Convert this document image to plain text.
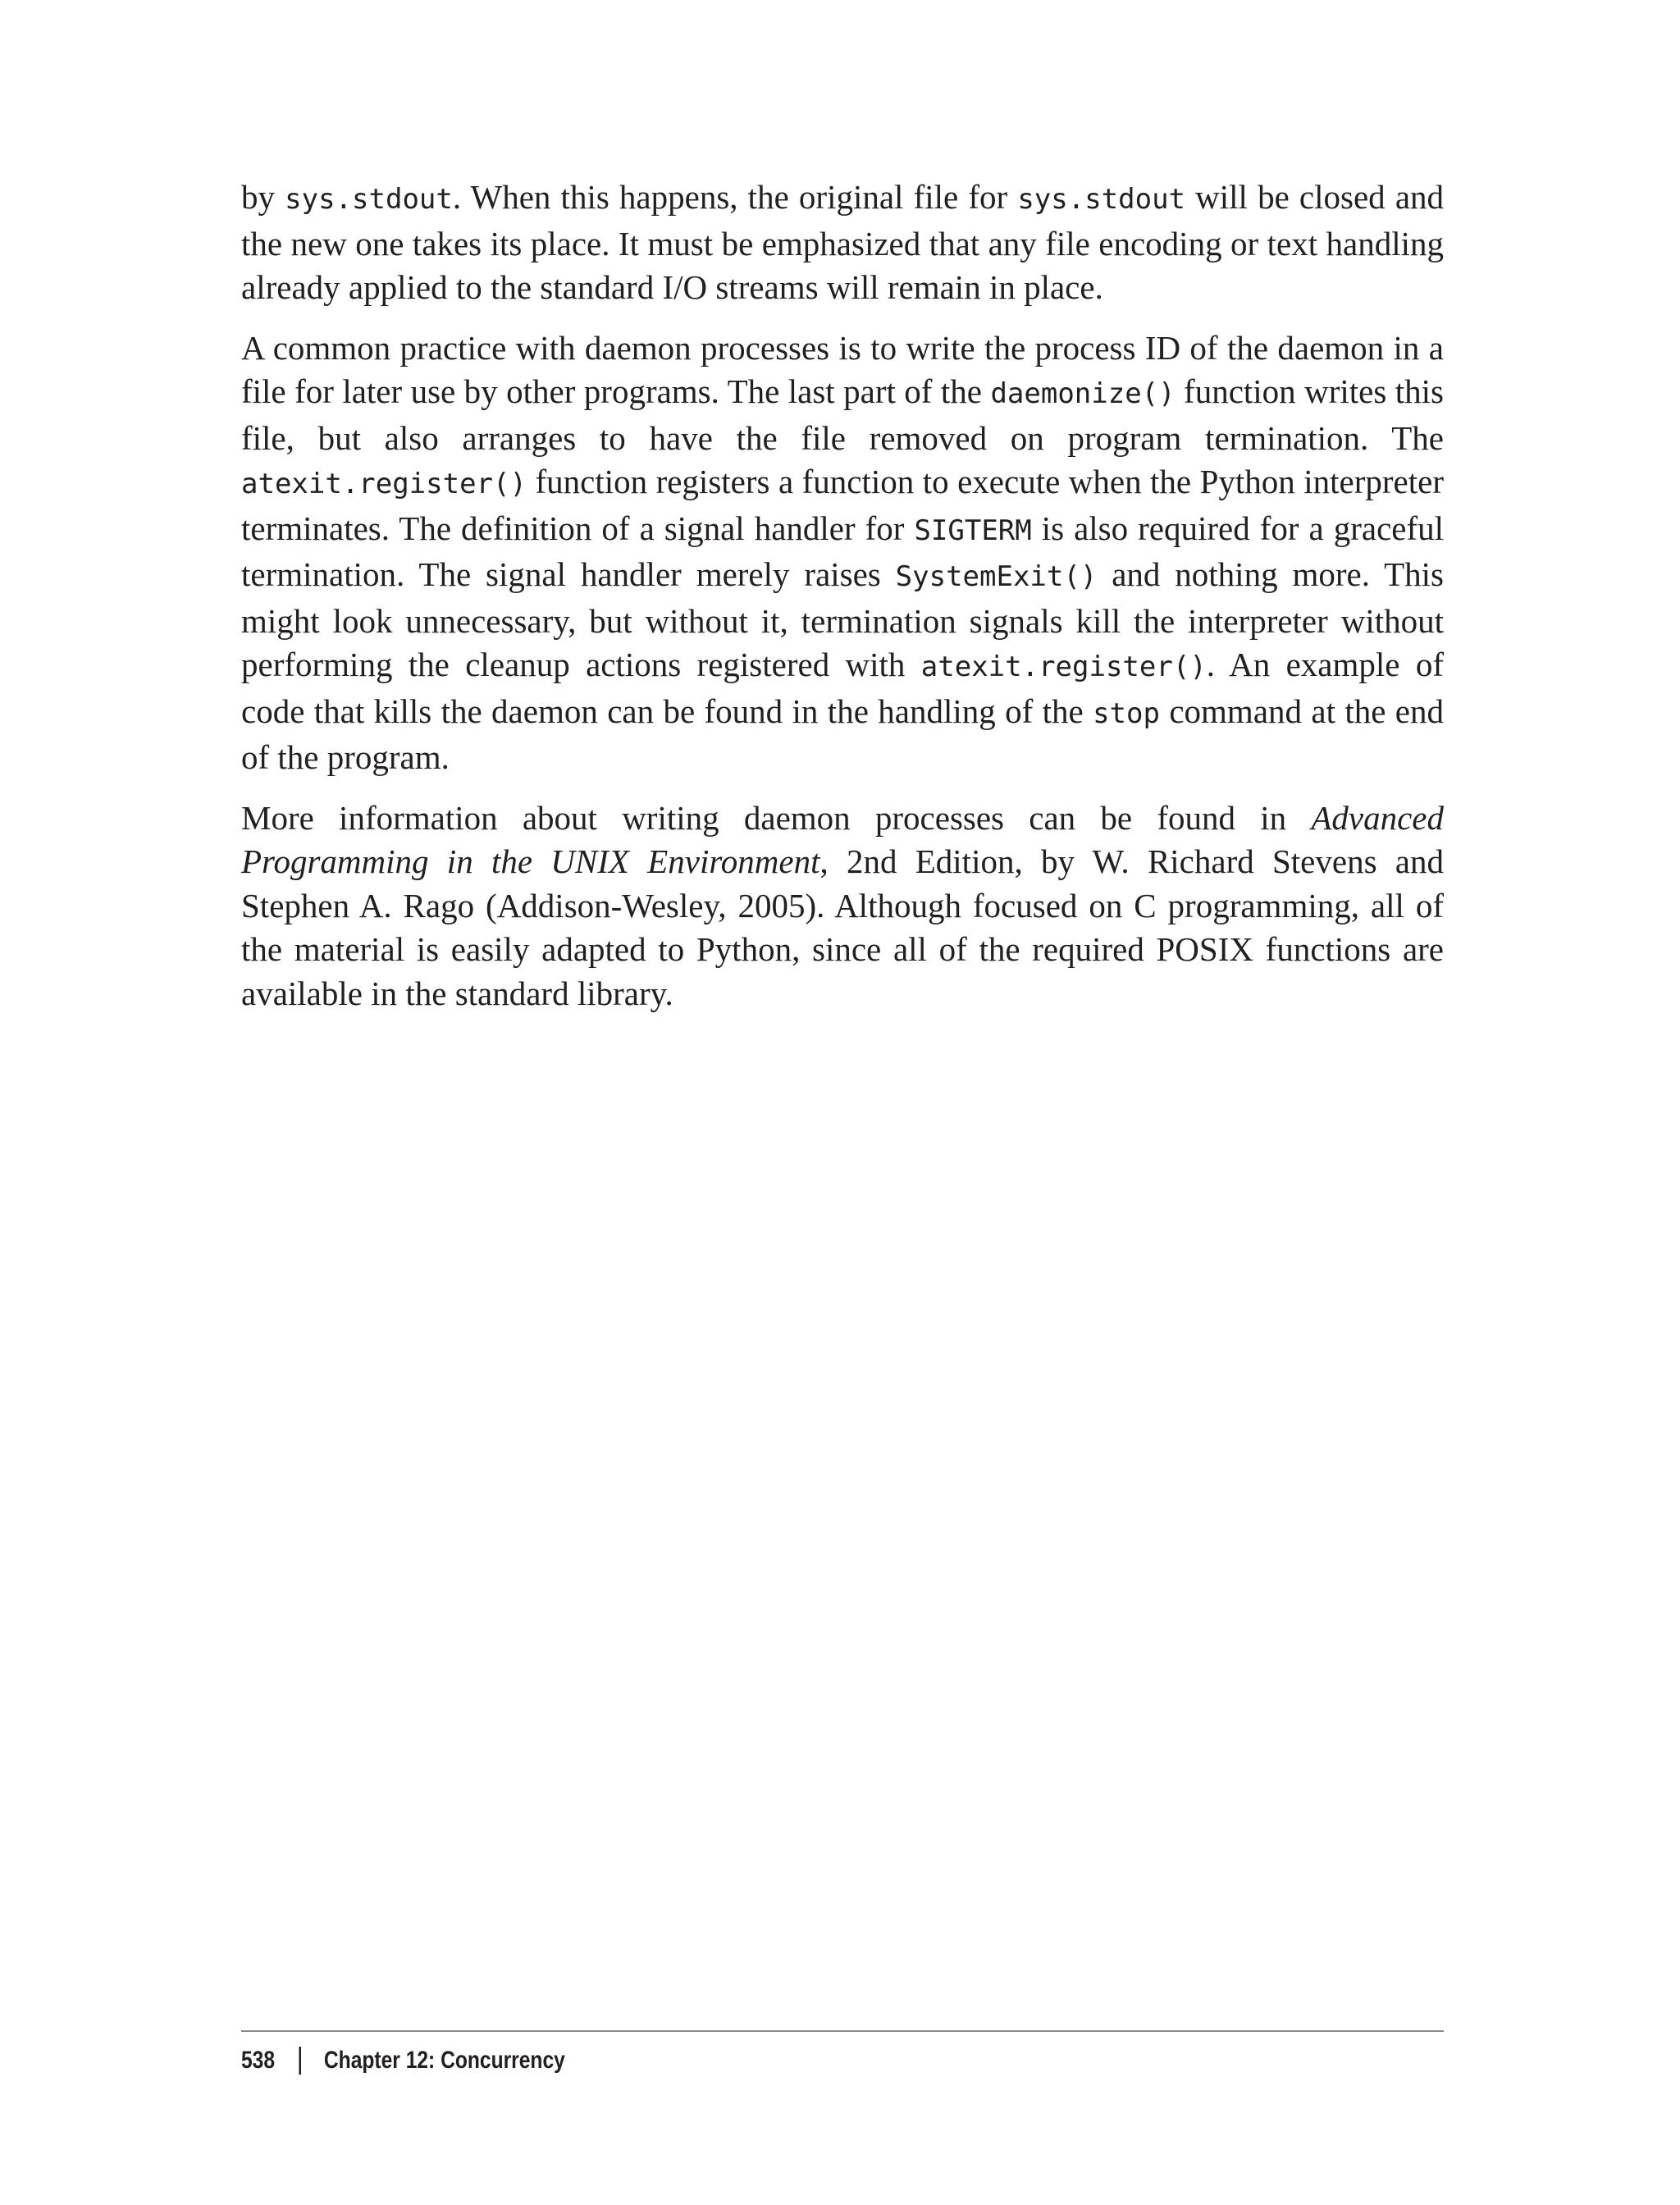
by sys.stdout. When this happens, the original file for sys.stdout will be closed and the new one takes its place. It must be emphasized that any file encoding or text handling already applied to the standard I/O streams will remain in place.

A common practice with daemon processes is to write the process ID of the daemon in a file for later use by other programs. The last part of the daemonize() function writes this file, but also arranges to have the file removed on program termination. The atexit.register() function registers a function to execute when the Python interpreter terminates. The definition of a signal handler for SIGTERM is also required for a graceful termination. The signal handler merely raises SystemExit() and nothing more. This might look unnecessary, but without it, termination signals kill the interpreter without performing the cleanup actions registered with atexit.register(). An example of code that kills the daemon can be found in the handling of the stop command at the end of the program.

More information about writing daemon processes can be found in Advanced Programming in the UNIX Environment, 2nd Edition, by W. Richard Stevens and Stephen A. Rago (Addison-Wesley, 2005). Although focused on C programming, all of the material is easily adapted to Python, since all of the required POSIX functions are available in the standard library.

538 Chapter 12: Concurrency
